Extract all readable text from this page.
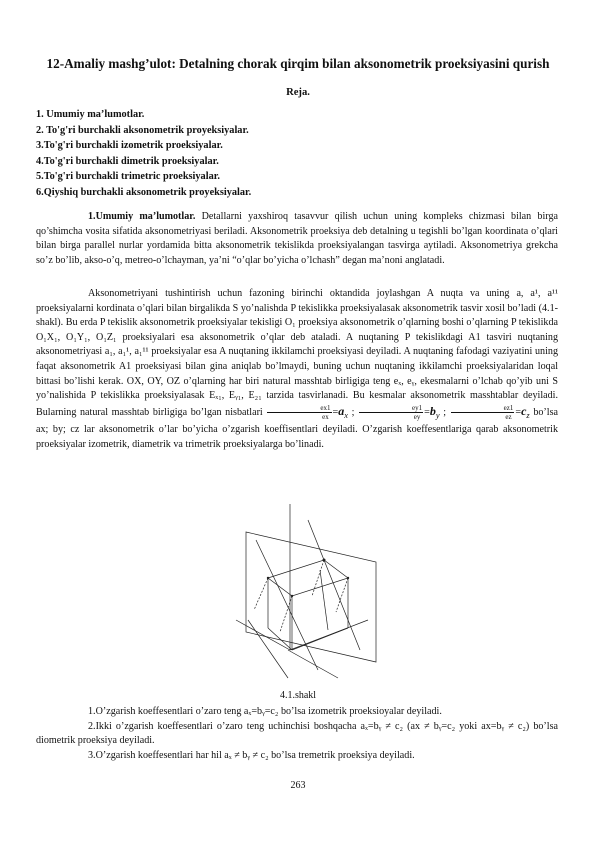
12-Amaliy mashg’ulot: Detalning chorak qirqim bilan aksonometrik proeksiyasini qurish
Reja.
1. Umumiy ma’lumotlar.
2. To'g'ri burchakli aksonometrik proyeksiyalar.
3.To'g'ri burchakli izometrik proeksiyalar.
4.To'g'ri burchakli dimetrik proeksiyalar.
5.To'g'ri burchakli trimetric proeksiyalar.
6.Qiyshiq burchakli aksonometrik proyeksiyalar.
1.Umumiy ma’lumotlar. Detallarni yaxshiroq tasavvur qilish uchun uning kompleks chizmasi bilan birga qo’shimcha vosita sifatida aksonometriyasi beriladi. Aksonometrik proeksiya deb detalning u tegishli bo’lgan koordinata o’qlari bilan birga parallel nurlar yordamida bitta aksonometrik tekislikda proeksiyalangan tasvirga aytiladi. Aksonometriya grekcha so’z bo’lib, akso-o’q, metreo-o’lchayman, ya’ni “o’qlar bo’yicha o’lchash” degan ma’noni anglatadi.
Aksonometriyani tushintirish uchun fazoning birinchi oktandida joylashgan A nuqta va uning a, a¹, a¹¹ proeksiyalarni kordinata o’qlari bilan birgalikda S yo’nalishda P tekislikka proeksiyalasak aksonometrik tasvir xosil bo’ladi (4.1-shakl). Bu erda P tekislik aksonometrik proeksiyalar tekisligi O₁ proeksiya aksonometrik o’qlarning boshi o’qlarning P tekislikda O₁X₁, O₁Y₁, O₁Z₁ proeksiyalari esa aksonometrik o’qlar deb ataladi. A nuqtaning P tekislikdagi A1 tasviri nuqtaning aksonometriyasi a₁, a₁¹, a₁¹¹ proeksiyalar esa A nuqtaning ikkilamchi proeksiyasi deyiladi. A nuqtaning fafodagi vaziyatini uning faqat aksonometrik A1 proeksiyasi bilan gina aniqlab bo’lmaydi, buning uchun nuqtaning ikkilamchi proeksiyalaridan loqal bittasi bo’lishi kerak. OX, OY, OZ o’qlarning har biri natural masshtab birligiga teng eₓ, eᵧ, ekesmalarni o’lchab qo’yib uni S yo’nalishida P tekislikka proeksiyalasak Eₓ₁, Eᵧ₁, E₂₁ tarzida tasvirlanadi. Bu kesmalar aksonometrik masshtablar deyiladi. Bularning natural masshtab birligiga bo’lgan nisbatlari $\frac{ex1}{ex} =a_x$ ; $\frac{ey1}{ey} =b_y$ ; $\frac{ez1}{ez} =c_z$ bo’lsa ax; by; cz lar aksonometrik o’lar bo’yicha o’zgarish koeffisentlari deyiladi. O’zgarish koeffesentlariga qarab aksonometrik proeksiyalar izometrik, diametrik va trimetrik proeksiyalarga bo’linadi.
4.1.shakl
1.O’zgarish koeffesentlari o’zaro teng aₓ=bᵧ=c₂ bo’lsa izometrik proeksioyalar deyiladi.
2.Ikki o’zgarish koeffesentlari o’zaro teng uchinchisi boshqacha aₓ=bᵧ ≠ c₂ (ax ≠ bᵧ=c₂ yoki ax=bᵧ ≠ c₂) bo’lsa diometrik proeksiya deyiladi.
3.O’zgarish koeffesentlari har hil aₓ ≠ bᵧ ≠ c₂ bo’lsa tremetrik proeksiya deyiladi.
263
